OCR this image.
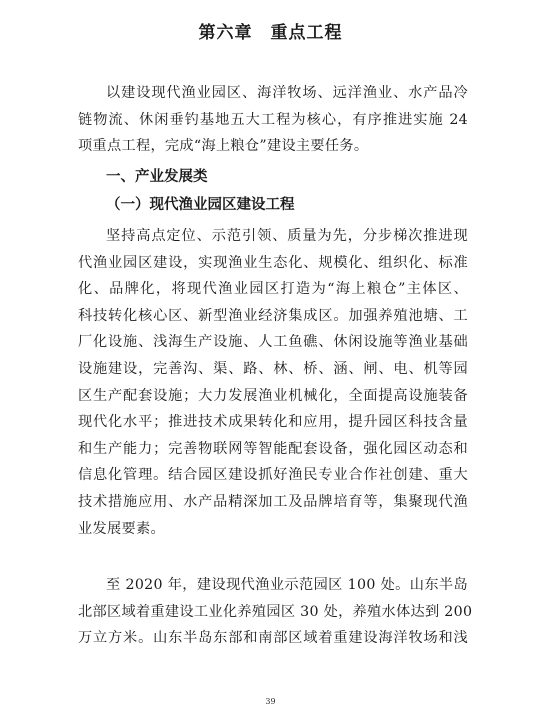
第六章 重点工程
以建设现代渔业园区、海洋牧场、远洋渔业、水产品冷
链物流、休闲垂钓基地五大工程为核心，有序推进实施 24
项重点工程，完成“海上粮仓”建设主要任务。
一、产业发展类
（一）现代渔业园区建设工程
坚持高点定位、示范引领、质量为先，分步梯次推进现
代渔业园区建设，实现渔业生态化、规模化、组织化、标准
化、品牌化，将现代渔业园区打造为“海上粮仓”主体区、
科技转化核心区、新型渔业经济集成区。加强养殖池塘、工
厂化设施、浅海生产设施、人工鱼礁、休闲设施等渔业基础
设施建设，完善沟、渠、路、林、桥、涵、闸、电、机等园
区生产配套设施；大力发展渔业机械化，全面提高设施装备
现代化水平；推进技术成果转化和应用，提升园区科技含量
和生产能力；完善物联网等智能配套设备，强化园区动态和
信息化管理。结合园区建设抓好渔民专业合作社创建、重大
技术措施应用、水产品精深加工及品牌培育等，集聚现代渔
业发展要素。
至 2020 年，建设现代渔业示范园区 100 处。山东半岛
北部区域着重建设工业化养殖园区 30 处，养殖水体达到 200
万立方米。山东半岛东部和南部区域着重建设海洋牧场和浅
39
